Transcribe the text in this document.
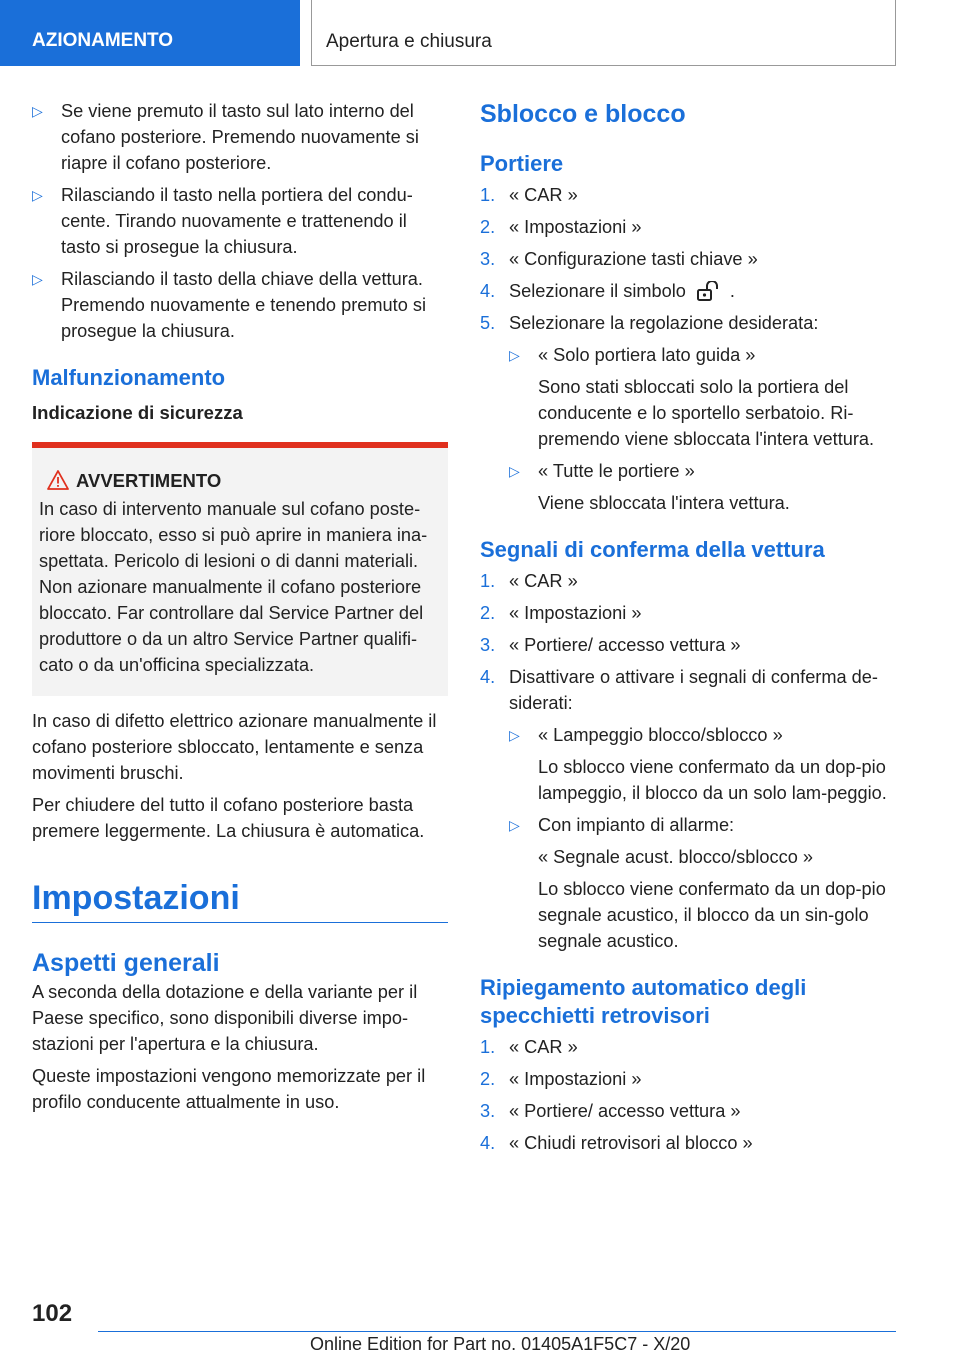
AZIONAMENTO	Apertura e chiusura
▷ Se viene premuto il tasto sul lato interno del cofano posteriore. Premendo nuovamente si riapre il cofano posteriore.
▷ Rilasciando il tasto nella portiera del condu-cente. Tirando nuovamente e trattenendo il tasto si prosegue la chiusura.
▷ Rilasciando il tasto della chiave della vettura. Premendo nuovamente e tenendo premuto si prosegue la chiusura.
Malfunzionamento
Indicazione di sicurezza
AVVERTIMENTO
In caso di intervento manuale sul cofano poste-riore bloccato, esso si può aprire in maniera ina-spettata. Pericolo di lesioni o di danni materiali.
Non azionare manualmente il cofano posteriore bloccato. Far controllare dal Service Partner del produttore o da un altro Service Partner qualifi-cato o da un'officina specializzata.
In caso di difetto elettrico azionare manualmente il cofano posteriore sbloccato, lentamente e senza movimenti bruschi.
Per chiudere del tutto il cofano posteriore basta premere leggermente. La chiusura è automatica.
Impostazioni
Aspetti generali
A seconda della dotazione e della variante per il Paese specifico, sono disponibili diverse impo-stazioni per l'apertura e la chiusura.
Queste impostazioni vengono memorizzate per il profilo conducente attualmente in uso.
Sblocco e blocco
Portiere
1. « CAR »
2. « Impostazioni »
3. « Configurazione tasti chiave »
4. Selezionare il simbolo .
5. Selezionare la regolazione desiderata:
▷ « Solo portiera lato guida »
Sono stati sbloccati solo la portiera del conducente e lo sportello serbatoio. Ri-premendo viene sbloccata l'intera vettura.
▷ « Tutte le portiere »
Viene sbloccata l'intera vettura.
Segnali di conferma della vettura
1. « CAR »
2. « Impostazioni »
3. « Portiere/ accesso vettura »
4. Disattivare o attivare i segnali di conferma de-siderati:
▷ « Lampeggio blocco/sblocco »
Lo sblocco viene confermato da un dop-pio lampeggio, il blocco da un solo lam-peggio.
▷ Con impianto di allarme:
« Segnale acust. blocco/sblocco »
Lo sblocco viene confermato da un dop-pio segnale acustico, il blocco da un sin-golo segnale acustico.
Ripiegamento automatico degli specchietti retrovisori
1. « CAR »
2. « Impostazioni »
3. « Portiere/ accesso vettura »
4. « Chiudi retrovisori al blocco »
102
Online Edition for Part no. 01405A1F5C7 - X/20
